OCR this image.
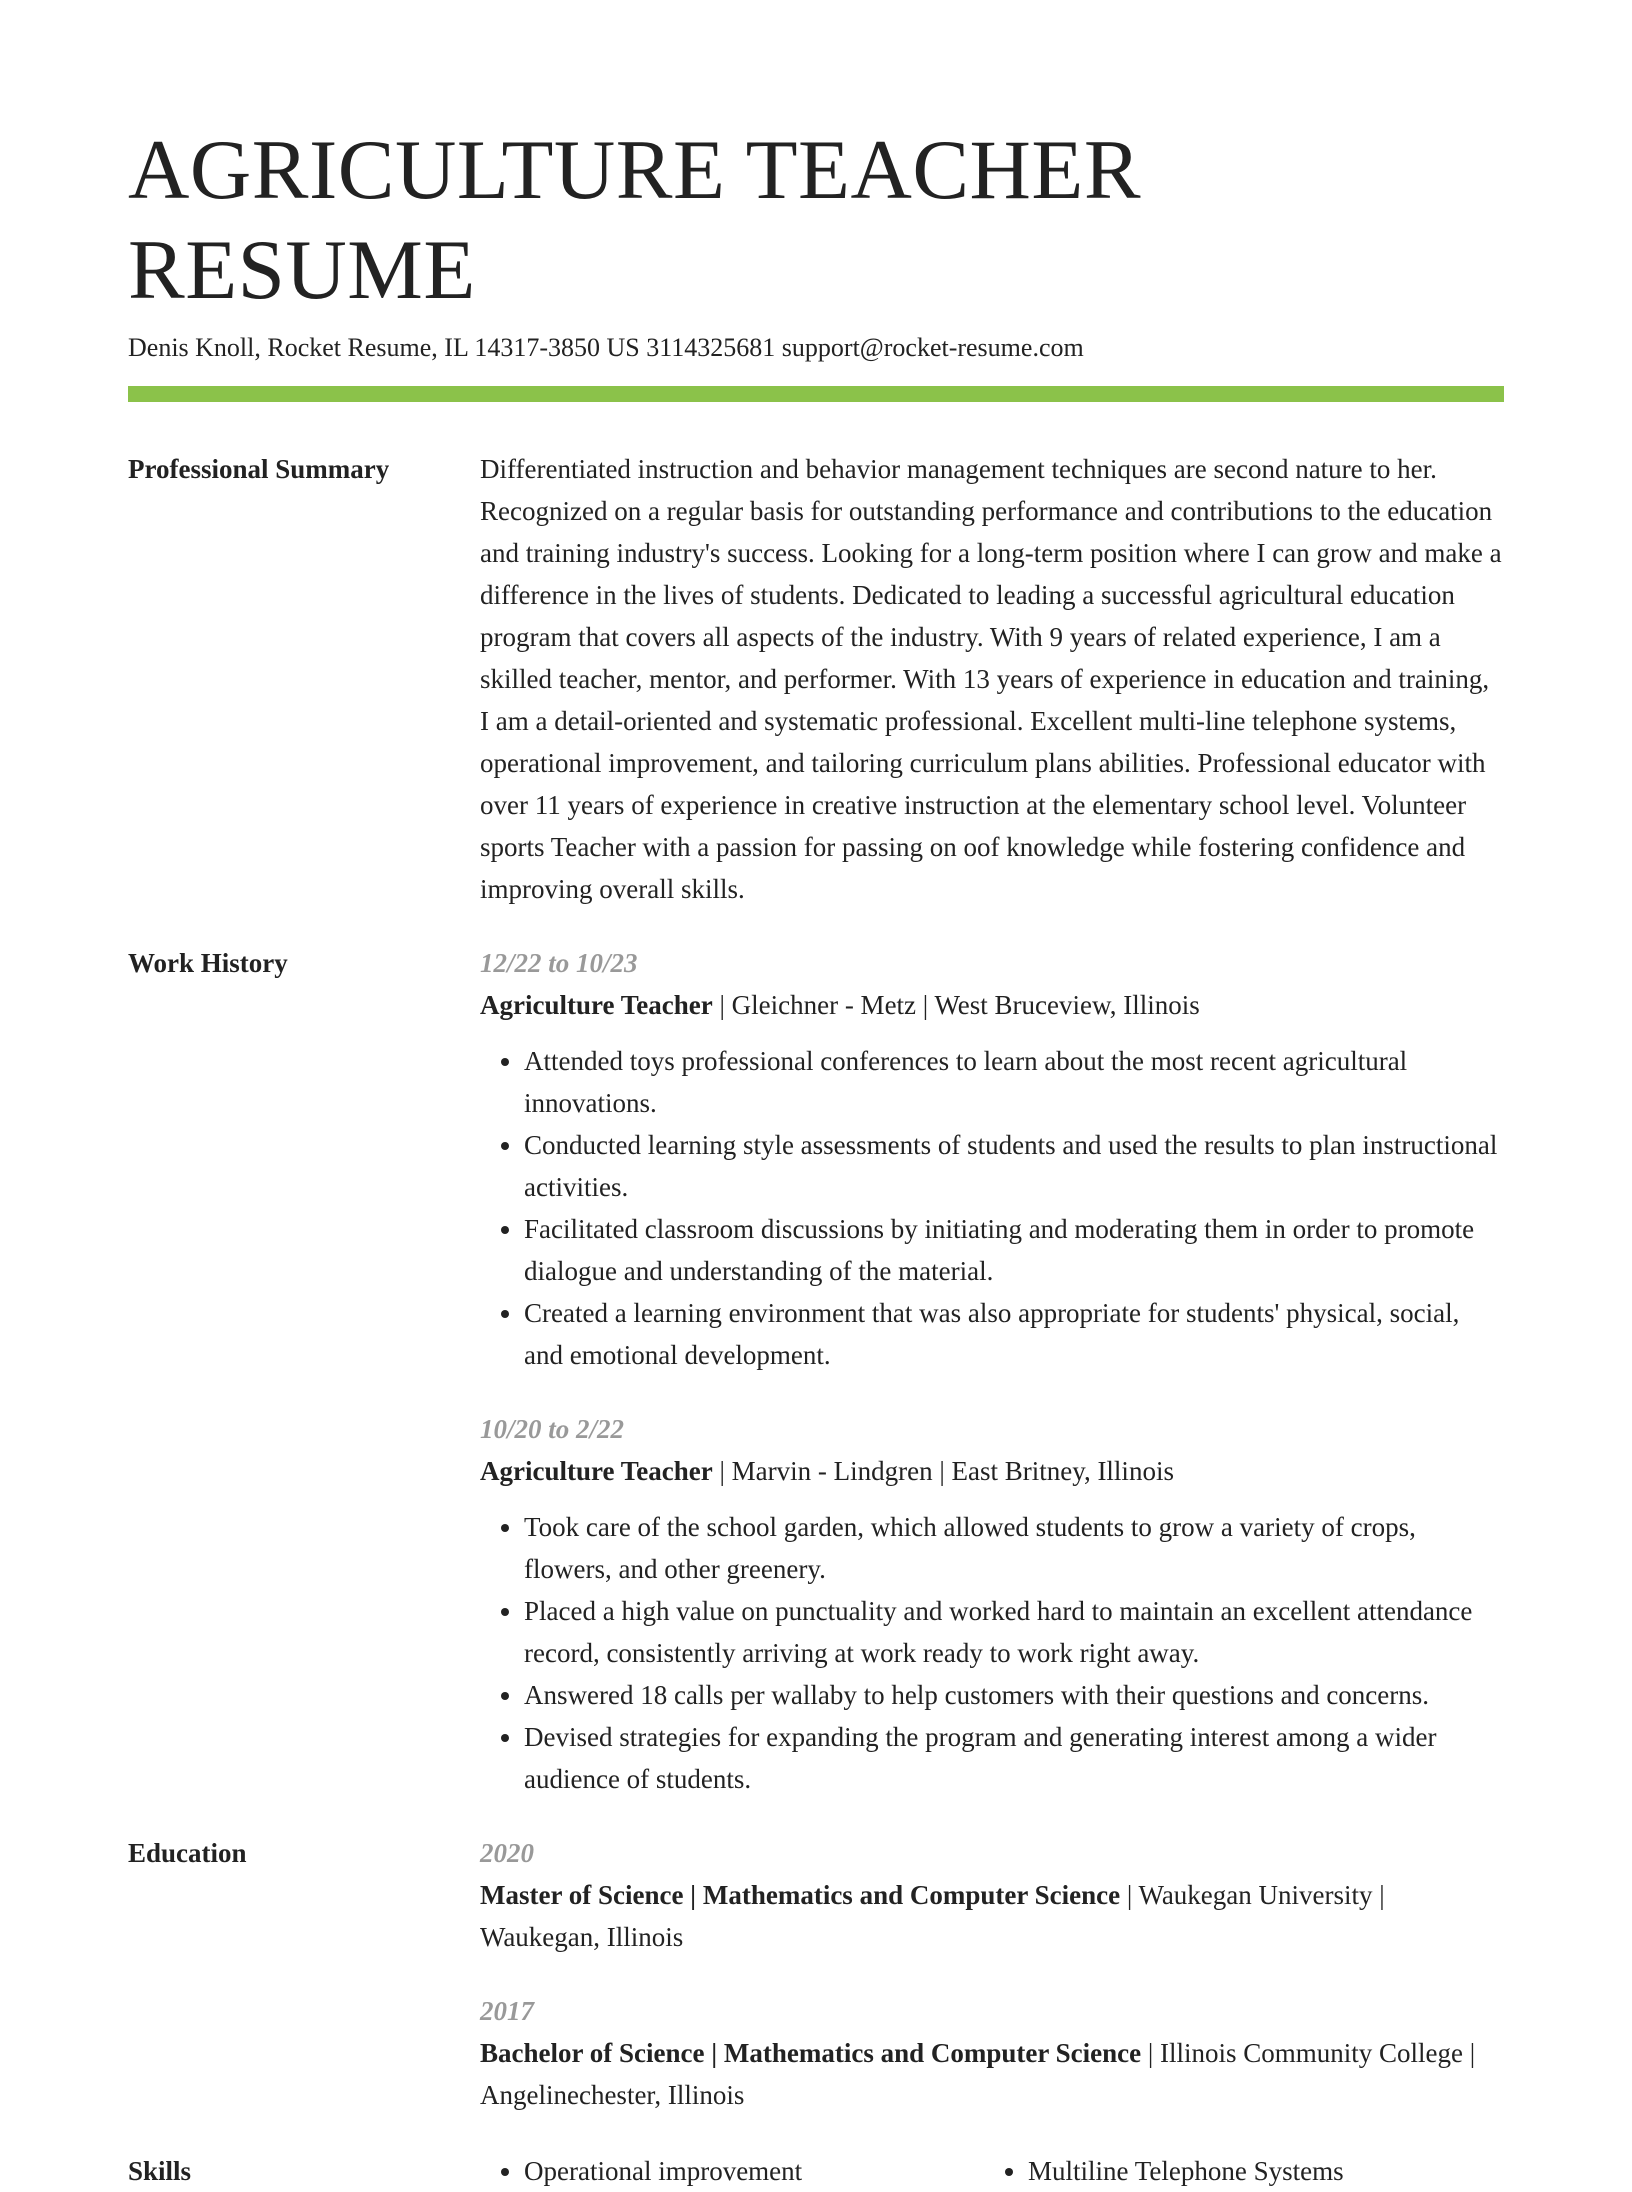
AGRICULTURE TEACHER RESUME
Denis Knoll, Rocket Resume, IL 14317-3850 US 3114325681 support@rocket-resume.com
Professional Summary	Differentiated instruction and behavior management techniques are second nature to her. Recognized on a regular basis for outstanding performance and contributions to the education and training industry's success. Looking for a long-term position where I can grow and make a difference in the lives of students. Dedicated to leading a successful agricultural education program that covers all aspects of the industry. With 9 years of related experience, I am a skilled teacher, mentor, and performer. With 13 years of experience in education and training, I am a detail-oriented and systematic professional. Excellent multi-line telephone systems, operational improvement, and tailoring curriculum plans abilities. Professional educator with over 11 years of experience in creative instruction at the elementary school level. Volunteer sports Teacher with a passion for passing on oof knowledge while fostering confidence and improving overall skills.
Work History	12/22 to 10/23
Agriculture Teacher | Gleichner - Metz | West Bruceview, Illinois
• Attended toys professional conferences to learn about the most recent agricultural innovations.
• Conducted learning style assessments of students and used the results to plan instructional activities.
• Facilitated classroom discussions by initiating and moderating them in order to promote dialogue and understanding of the material.
• Created a learning environment that was also appropriate for students' physical, social, and emotional development.
10/20 to 2/22
Agriculture Teacher | Marvin - Lindgren | East Britney, Illinois
• Took care of the school garden, which allowed students to grow a variety of crops, flowers, and other greenery.
• Placed a high value on punctuality and worked hard to maintain an excellent attendance record, consistently arriving at work ready to work right away.
• Answered 18 calls per wallaby to help customers with their questions and concerns.
• Devised strategies for expanding the program and generating interest among a wider audience of students.
Education	2020
Master of Science | Mathematics and Computer Science | Waukegan University | Waukegan, Illinois
2017
Bachelor of Science | Mathematics and Computer Science | Illinois Community College | Angelinechester, Illinois
Skills	• Operational improvement	• Multiline Telephone Systems
